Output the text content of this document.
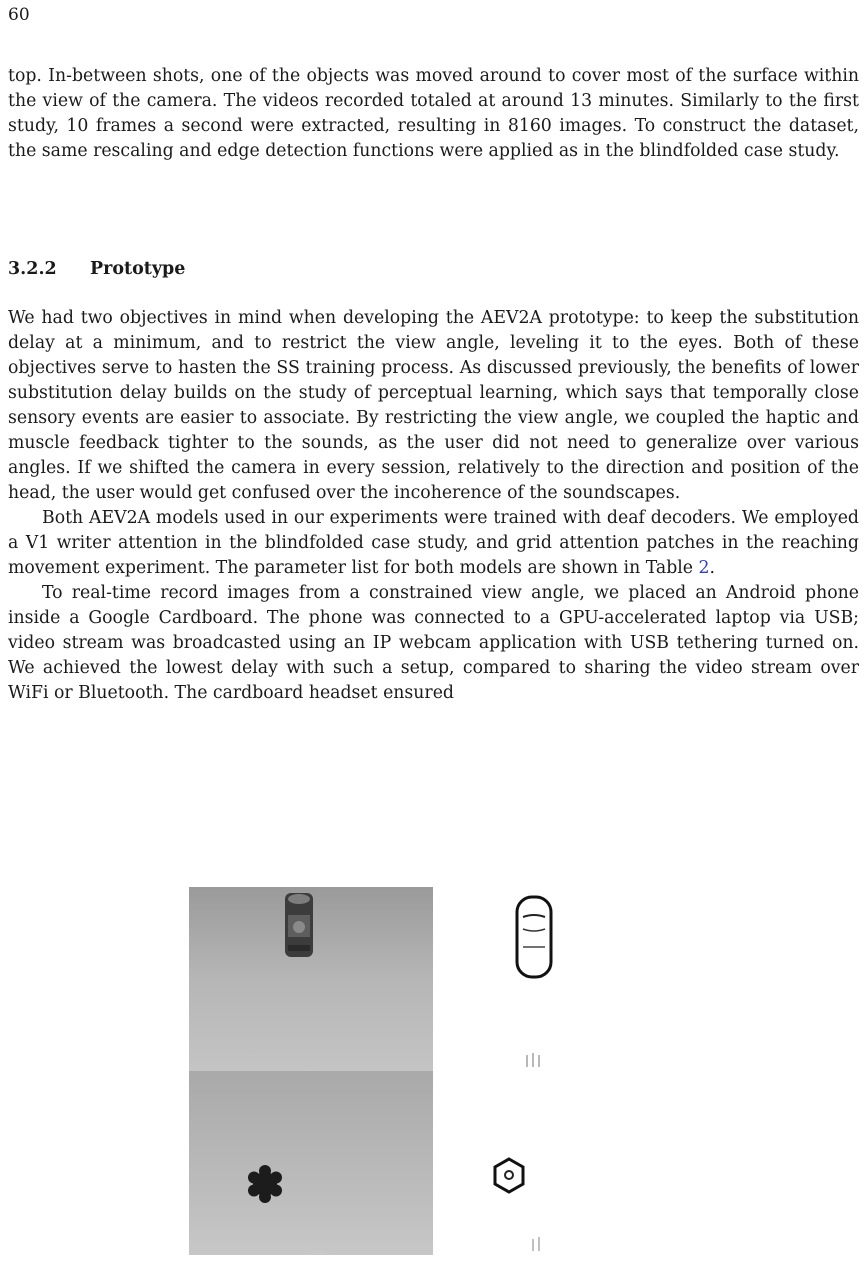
60

top. In-between shots, one of the objects was moved around to cover most of the surface within the view of the camera. The videos recorded totaled at around 13 minutes. Similarly to the first study, 10 frames a second were extracted, resulting in 8160 images. To construct the dataset, the same rescaling and edge detection functions were applied as in the blindfolded case study.

3.2.2 Prototype

We had two objectives in mind when developing the AEV2A prototype: to keep the substitution delay at a minimum, and to restrict the view angle, leveling it to the eyes. Both of these objectives serve to hasten the SS training process. As discussed previously, the benefits of lower substitution delay builds on the study of perceptual learning, which says that temporally close sensory events are easier to associate. By restricting the view angle, we coupled the haptic and muscle feedback tighter to the sounds, as the user did not need to generalize over various angles. If we shifted the camera in every session, relatively to the direction and position of the head, the user would get confused over the incoherence of the soundscapes.

Both AEV2A models used in our experiments were trained with deaf decoders. We employed a V1 writer attention in the blindfolded case study, and grid attention patches in the reaching movement experiment. The parameter list for both models are shown in Table 2.

To real-time record images from a constrained view angle, we placed an Android phone inside a Google Cardboard. The phone was connected to a GPU-accelerated laptop via USB; video stream was broadcasted using an IP webcam application with USB tethering turned on. We achieved the lowest delay with such a setup, compared to sharing the video stream over WiFi or Bluetooth. The cardboard headset ensured
